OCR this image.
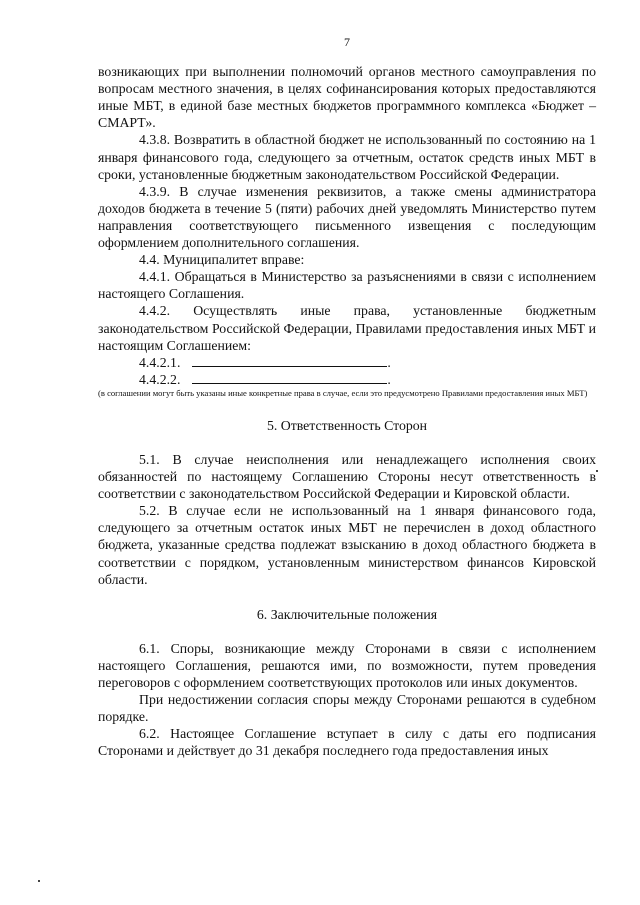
7

возникающих при выполнении полномочий органов местного самоуправления по вопросам местного значения, в целях софинансирования которых предоставляются иные МБТ, в единой базе местных бюджетов программного комплекса «Бюджет – СМАРТ».

4.3.8. Возвратить в областной бюджет не использованный по состоянию на 1 января финансового года, следующего за отчетным, остаток средств иных МБТ в сроки, установленные бюджетным законодательством Российской Федерации.

4.3.9. В случае изменения реквизитов, а также смены администратора доходов бюджета в течение 5 (пяти) рабочих дней уведомлять Министерство путем направления соответствующего письменного извещения с последующим оформлением дополнительного соглашения.

4.4. Муниципалитет вправе:

4.4.1. Обращаться в Министерство за разъяснениями в связи с исполнением настоящего Соглашения.

4.4.2. Осуществлять иные права, установленные бюджетным законодательством Российской Федерации, Правилами предоставления иных МБТ и настоящим Соглашением:

4.4.2.1.	.
4.4.2.2.	.

(в соглашении могут быть указаны иные конкретные права в случае, если это предусмотрено Правилами предоставления иных МБТ)

5. Ответственность Сторон

5.1. В случае неисполнения или ненадлежащего исполнения своих обязанностей по настоящему Соглашению Стороны несут ответственность в соответствии с законодательством Российской Федерации и Кировской области.

5.2. В случае если не использованный на 1 января финансового года, следующего за отчетным остаток иных МБТ не перечислен в доход областного бюджета, указанные средства подлежат взысканию в доход областного бюджета в соответствии с порядком, установленным министерством финансов Кировской области.

6. Заключительные положения

6.1. Споры, возникающие между Сторонами в связи с исполнением настоящего Соглашения, решаются ими, по возможности, путем проведения переговоров с оформлением соответствующих протоколов или иных документов.

При недостижении согласия споры между Сторонами решаются в судебном порядке.

6.2. Настоящее Соглашение вступает в силу с даты его подписания Сторонами и действует до 31 декабря последнего года предоставления иных
